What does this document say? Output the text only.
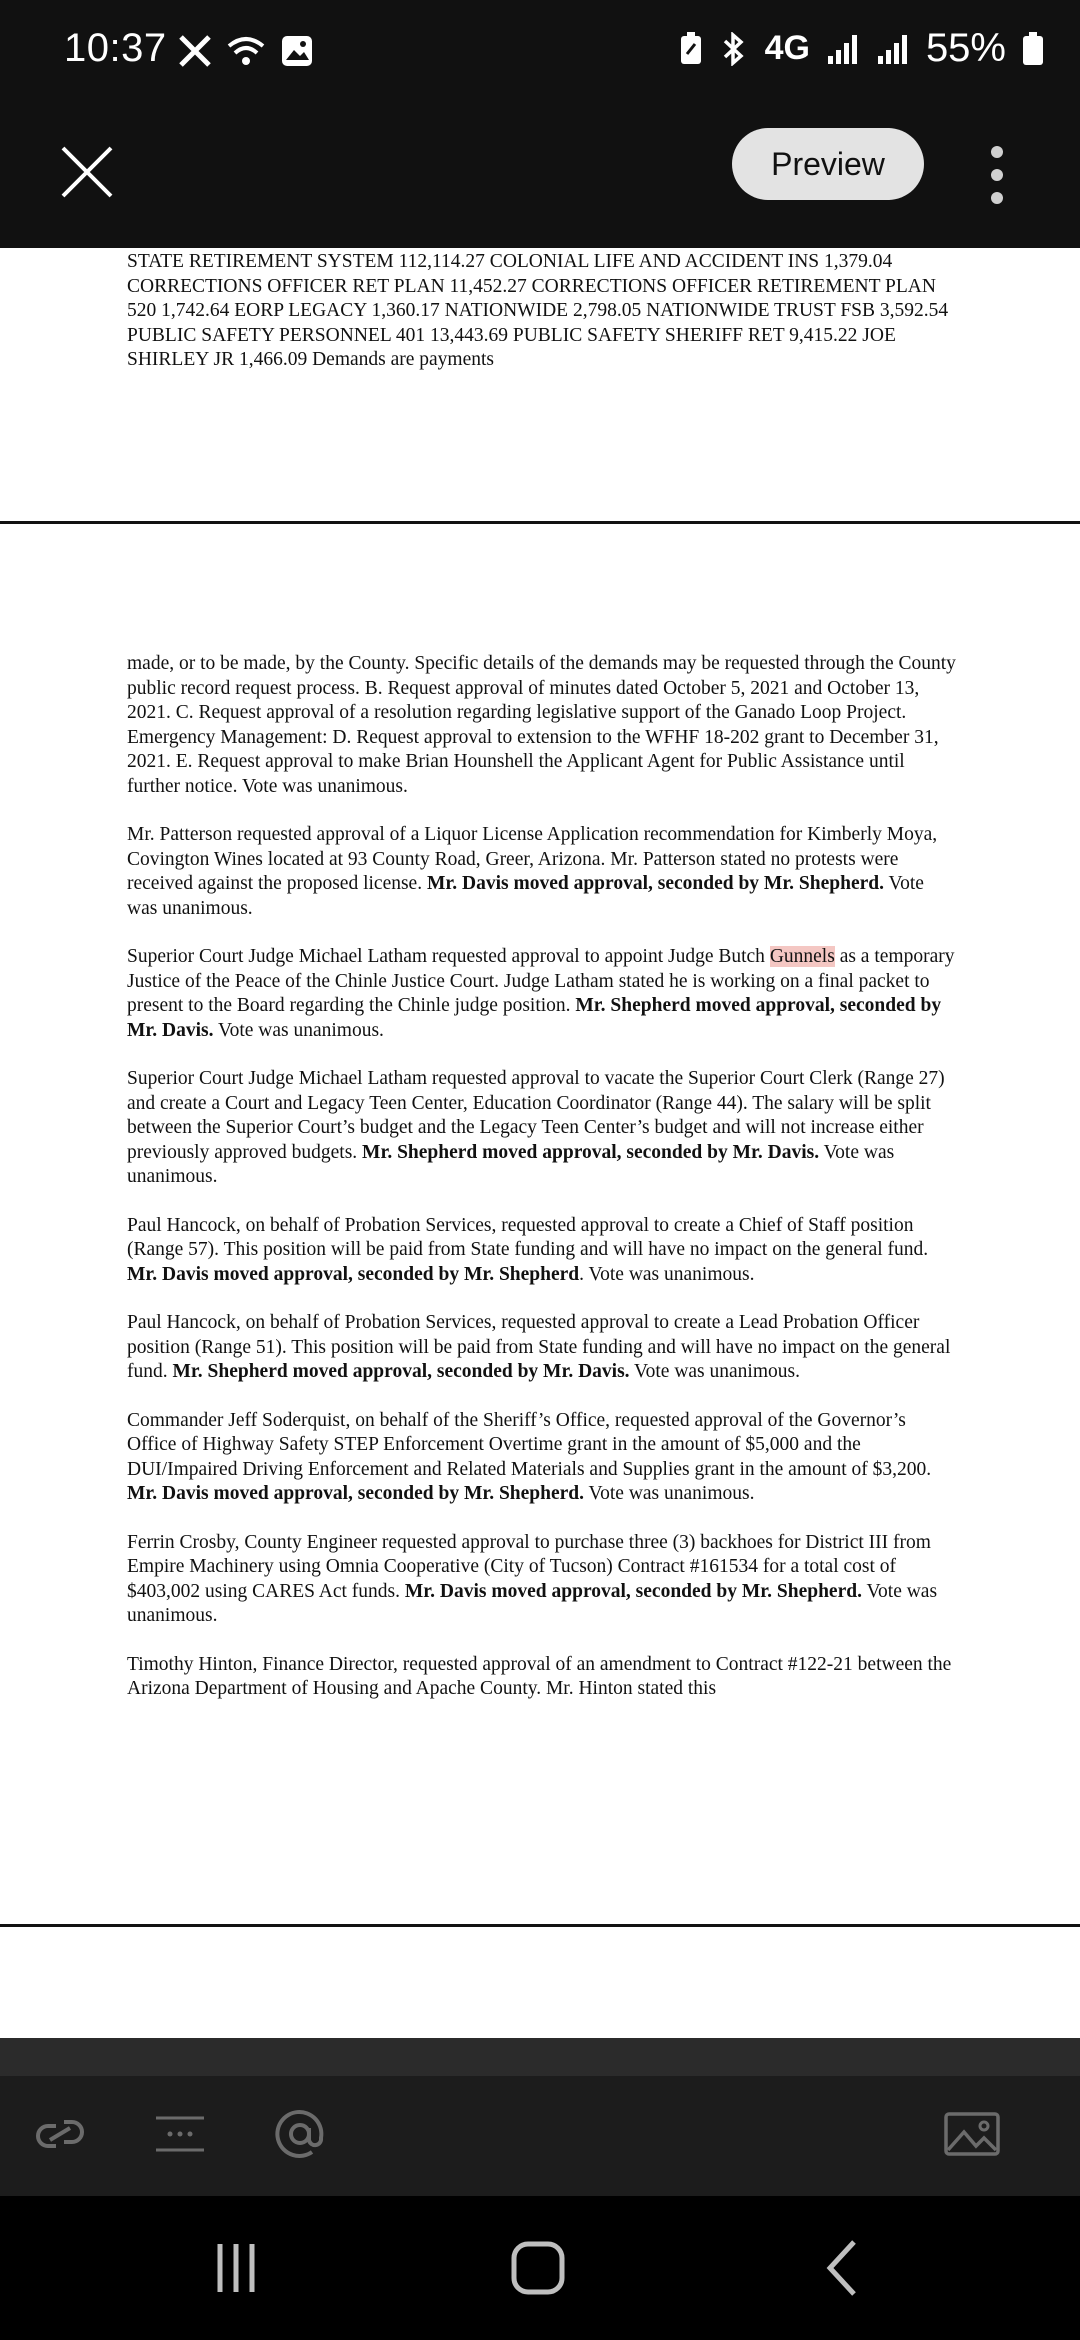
10:37	4G	55%
Preview

STATE RETIREMENT SYSTEM 112,114.27 COLONIAL LIFE AND ACCIDENT INS 1,379.04 CORRECTIONS OFFICER RET PLAN 11,452.27 CORRECTIONS OFFICER RETIREMENT PLAN 520 1,742.64 EORP LEGACY 1,360.17 NATIONWIDE 2,798.05 NATIONWIDE TRUST FSB 3,592.54 PUBLIC SAFETY PERSONNEL 401 13,443.69 PUBLIC SAFETY SHERIFF RET 9,415.22 JOE SHIRLEY JR 1,466.09 Demands are payments

made, or to be made, by the County. Specific details of the demands may be requested through the County public record request process. B. Request approval of minutes dated October 5, 2021 and October 13, 2021. C. Request approval of a resolution regarding legislative support of the Ganado Loop Project. Emergency Management: D. Request approval to extension to the WFHF 18-202 grant to December 31, 2021. E. Request approval to make Brian Hounshell the Applicant Agent for Public Assistance until further notice. Vote was unanimous.

Mr. Patterson requested approval of a Liquor License Application recommendation for Kimberly Moya, Covington Wines located at 93 County Road, Greer, Arizona. Mr. Patterson stated no protests were received against the proposed license. Mr. Davis moved approval, seconded by Mr. Shepherd. Vote was unanimous.

Superior Court Judge Michael Latham requested approval to appoint Judge Butch Gunnels as a temporary Justice of the Peace of the Chinle Justice Court. Judge Latham stated he is working on a final packet to present to the Board regarding the Chinle judge position. Mr. Shepherd moved approval, seconded by Mr. Davis. Vote was unanimous.

Superior Court Judge Michael Latham requested approval to vacate the Superior Court Clerk (Range 27) and create a Court and Legacy Teen Center, Education Coordinator (Range 44). The salary will be split between the Superior Court’s budget and the Legacy Teen Center’s budget and will not increase either previously approved budgets. Mr. Shepherd moved approval, seconded by Mr. Davis. Vote was unanimous.

Paul Hancock, on behalf of Probation Services, requested approval to create a Chief of Staff position (Range 57). This position will be paid from State funding and will have no impact on the general fund. Mr. Davis moved approval, seconded by Mr. Shepherd. Vote was unanimous.

Paul Hancock, on behalf of Probation Services, requested approval to create a Lead Probation Officer position (Range 51). This position will be paid from State funding and will have no impact on the general fund. Mr. Shepherd moved approval, seconded by Mr. Davis. Vote was unanimous.

Commander Jeff Soderquist, on behalf of the Sheriff’s Office, requested approval of the Governor’s Office of Highway Safety STEP Enforcement Overtime grant in the amount of $5,000 and the DUI/Impaired Driving Enforcement and Related Materials and Supplies grant in the amount of $3,200. Mr. Davis moved approval, seconded by Mr. Shepherd. Vote was unanimous.

Ferrin Crosby, County Engineer requested approval to purchase three (3) backhoes for District III from Empire Machinery using Omnia Cooperative (City of Tucson) Contract #161534 for a total cost of $403,002 using CARES Act funds. Mr. Davis moved approval, seconded by Mr. Shepherd. Vote was unanimous.

Timothy Hinton, Finance Director, requested approval of an amendment to Contract #122-21 between the Arizona Department of Housing and Apache County. Mr. Hinton stated this
